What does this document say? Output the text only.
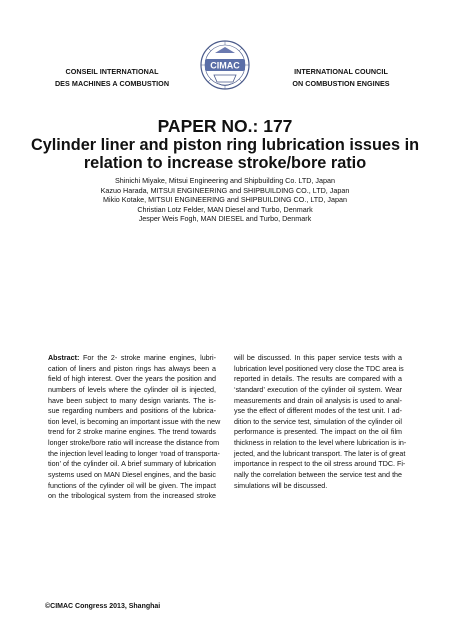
CONSEIL INTERNATIONAL
DES MACHINES A COMBUSTION
CIMAC
INTERNATIONAL COUNCIL
ON COMBUSTION ENGINES
PAPER NO.: 177
Cylinder liner and piston ring lubrication issues in
relation to increase stroke/bore ratio
Shinichi Miyake, Mitsui Engineering and Shipbuilding Co. LTD, Japan
Kazuo Harada, MITSUI ENGINEERING and SHIPBUILDING CO., LTD, Japan
Mikio Kotake, MITSUI ENGINEERING and SHIPBUILDING CO., LTD, Japan
Christian Lotz Felder, MAN Diesel and Turbo, Denmark
Jesper Weis Fogh, MAN DIESEL and Turbo, Denmark
Abstract: For the 2- stroke marine engines, lubri-
cation of liners and piston rings has always been a
field of high interest. Over the years the position and
numbers of levels where the cylinder oil is injected,
have been subject to many design variants. The is-
sue regarding numbers and positions of the lubrica-
tion level, is becoming an important issue with the new
trend for 2 stroke marine engines. The trend towards
longer stroke/bore ratio will increase the distance from
the injection level leading to longer ‘road of transporta-
tion’ of the cylinder oil. A brief summary of lubrication
systems used on MAN Diesel engines, and the basic
functions of the cylinder oil will be given. The impact
on the tribological system from the increased stroke
will be discussed. In this paper service tests with a
lubrication level positioned very close the TDC area is
reported in details. The results are compared with a
‘standard’ execution of the cylinder oil system. Wear
measurements and drain oil analysis is used to anal-
yse the effect of different modes of the test unit. I ad-
dition to the service test, simulation of the cylinder oil
performance is presented. The impact on the oil film
thickness in relation to the level where lubrication is in-
jected, and the lubricant transport. The later is of great
importance in respect to the oil stress around TDC. Fi-
nally the correlation between the service test and the
simulations will be discussed.
©CIMAC Congress 2013, Shanghai
